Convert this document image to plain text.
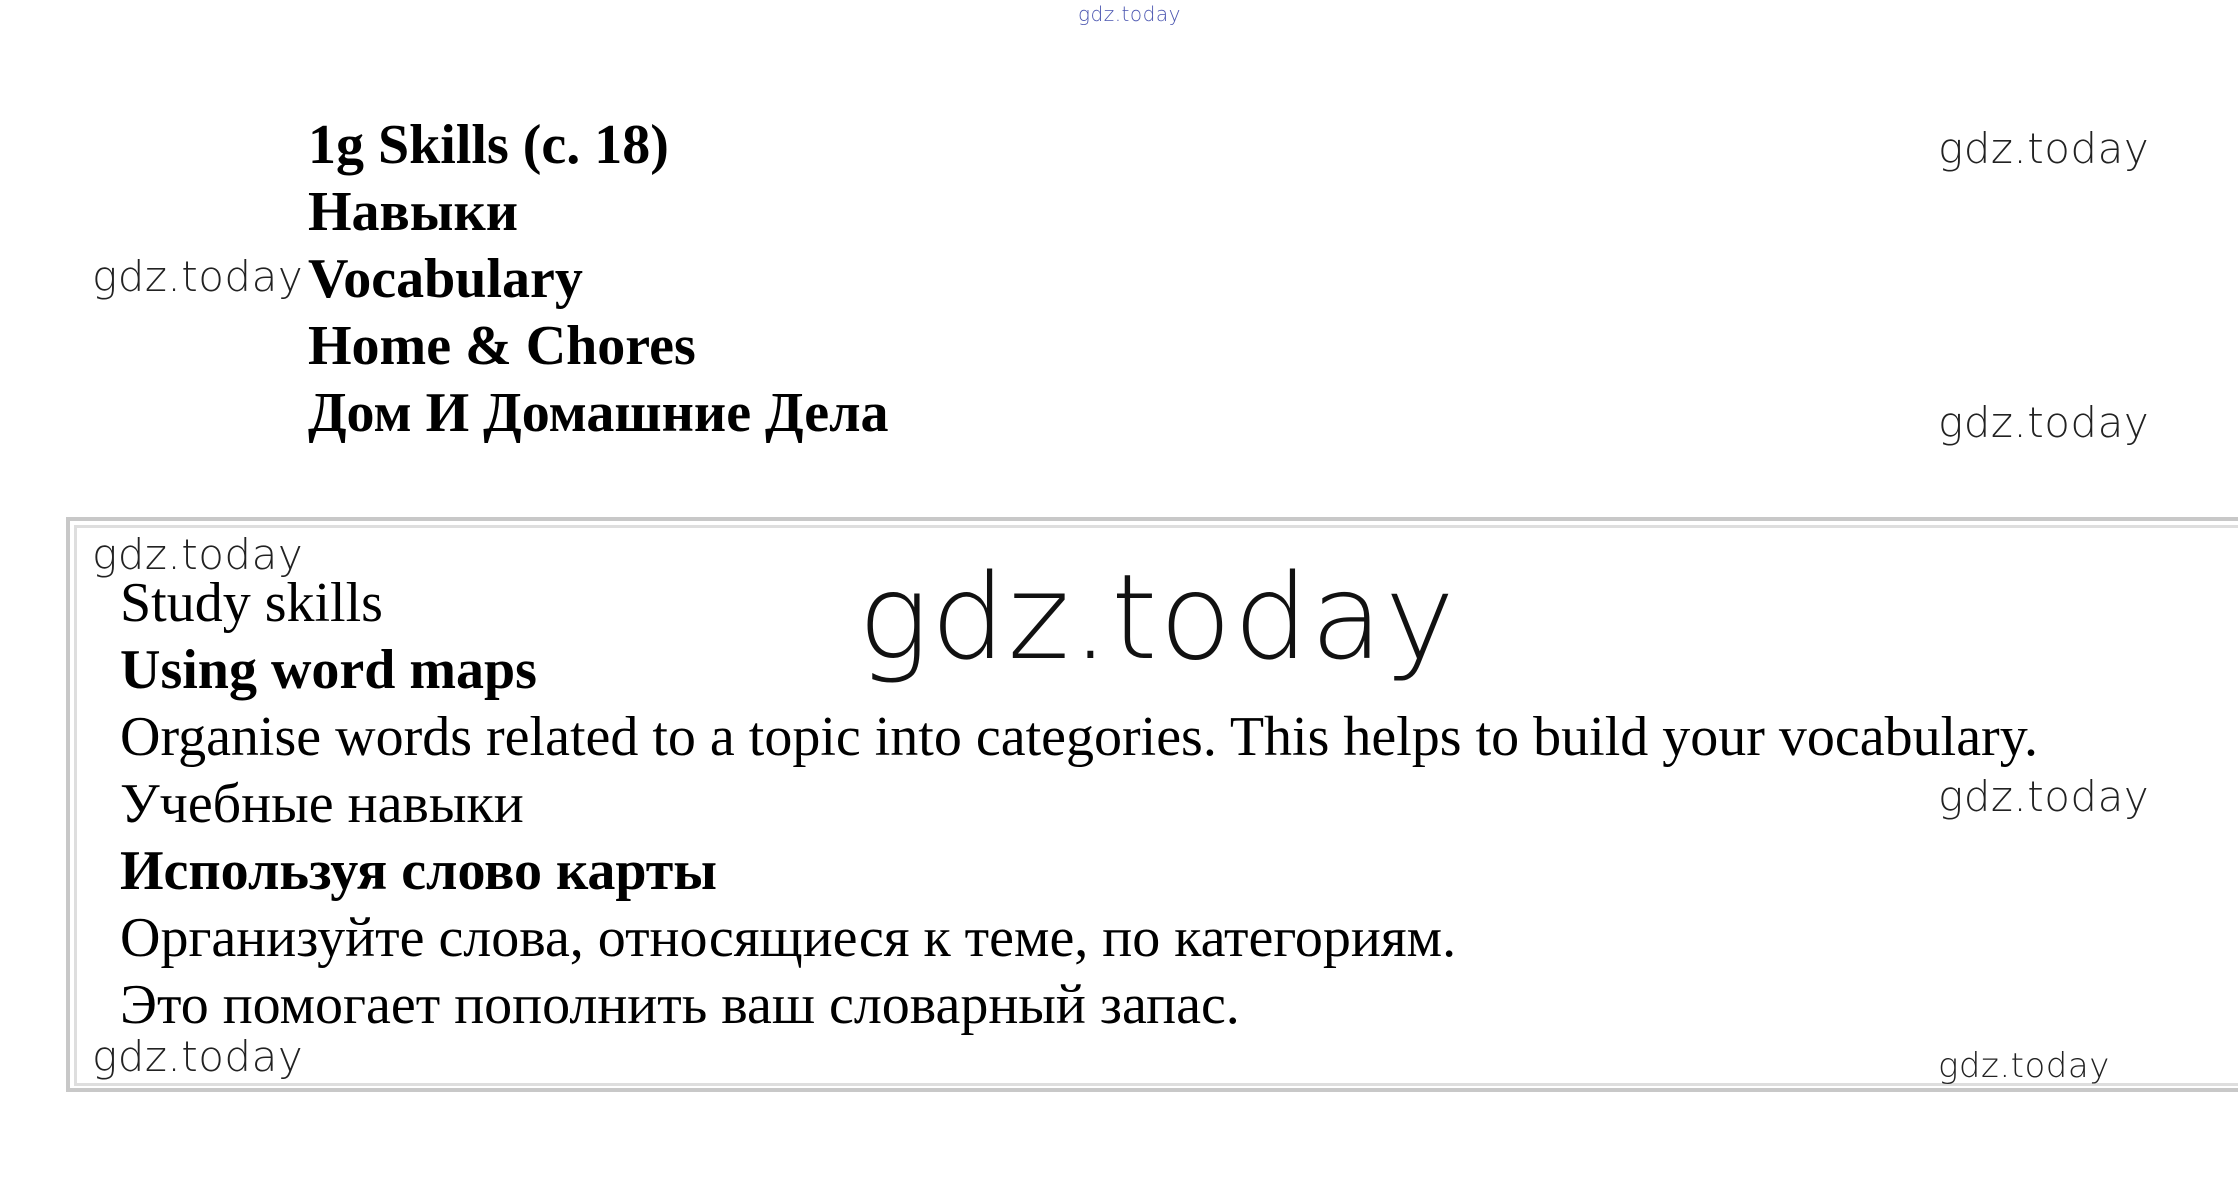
gdz.today
gdz.today
gdz.today
gdz.today
1g Skills (с. 18)
Навыки
Vocabulary
Home & Chores
Дом И Домашние Дела
gdz.today	gdz.today
Study skills
Using word maps
Organise words related to a topic into categories. This helps to build your vocabulary.
Учебные навыки
Используя слово карты
Организуйте слова, относящиеся к теме, по категориям.
Это помогает пополнить ваш словарный запас.
gdz.today
gdz.today	gdz.today
